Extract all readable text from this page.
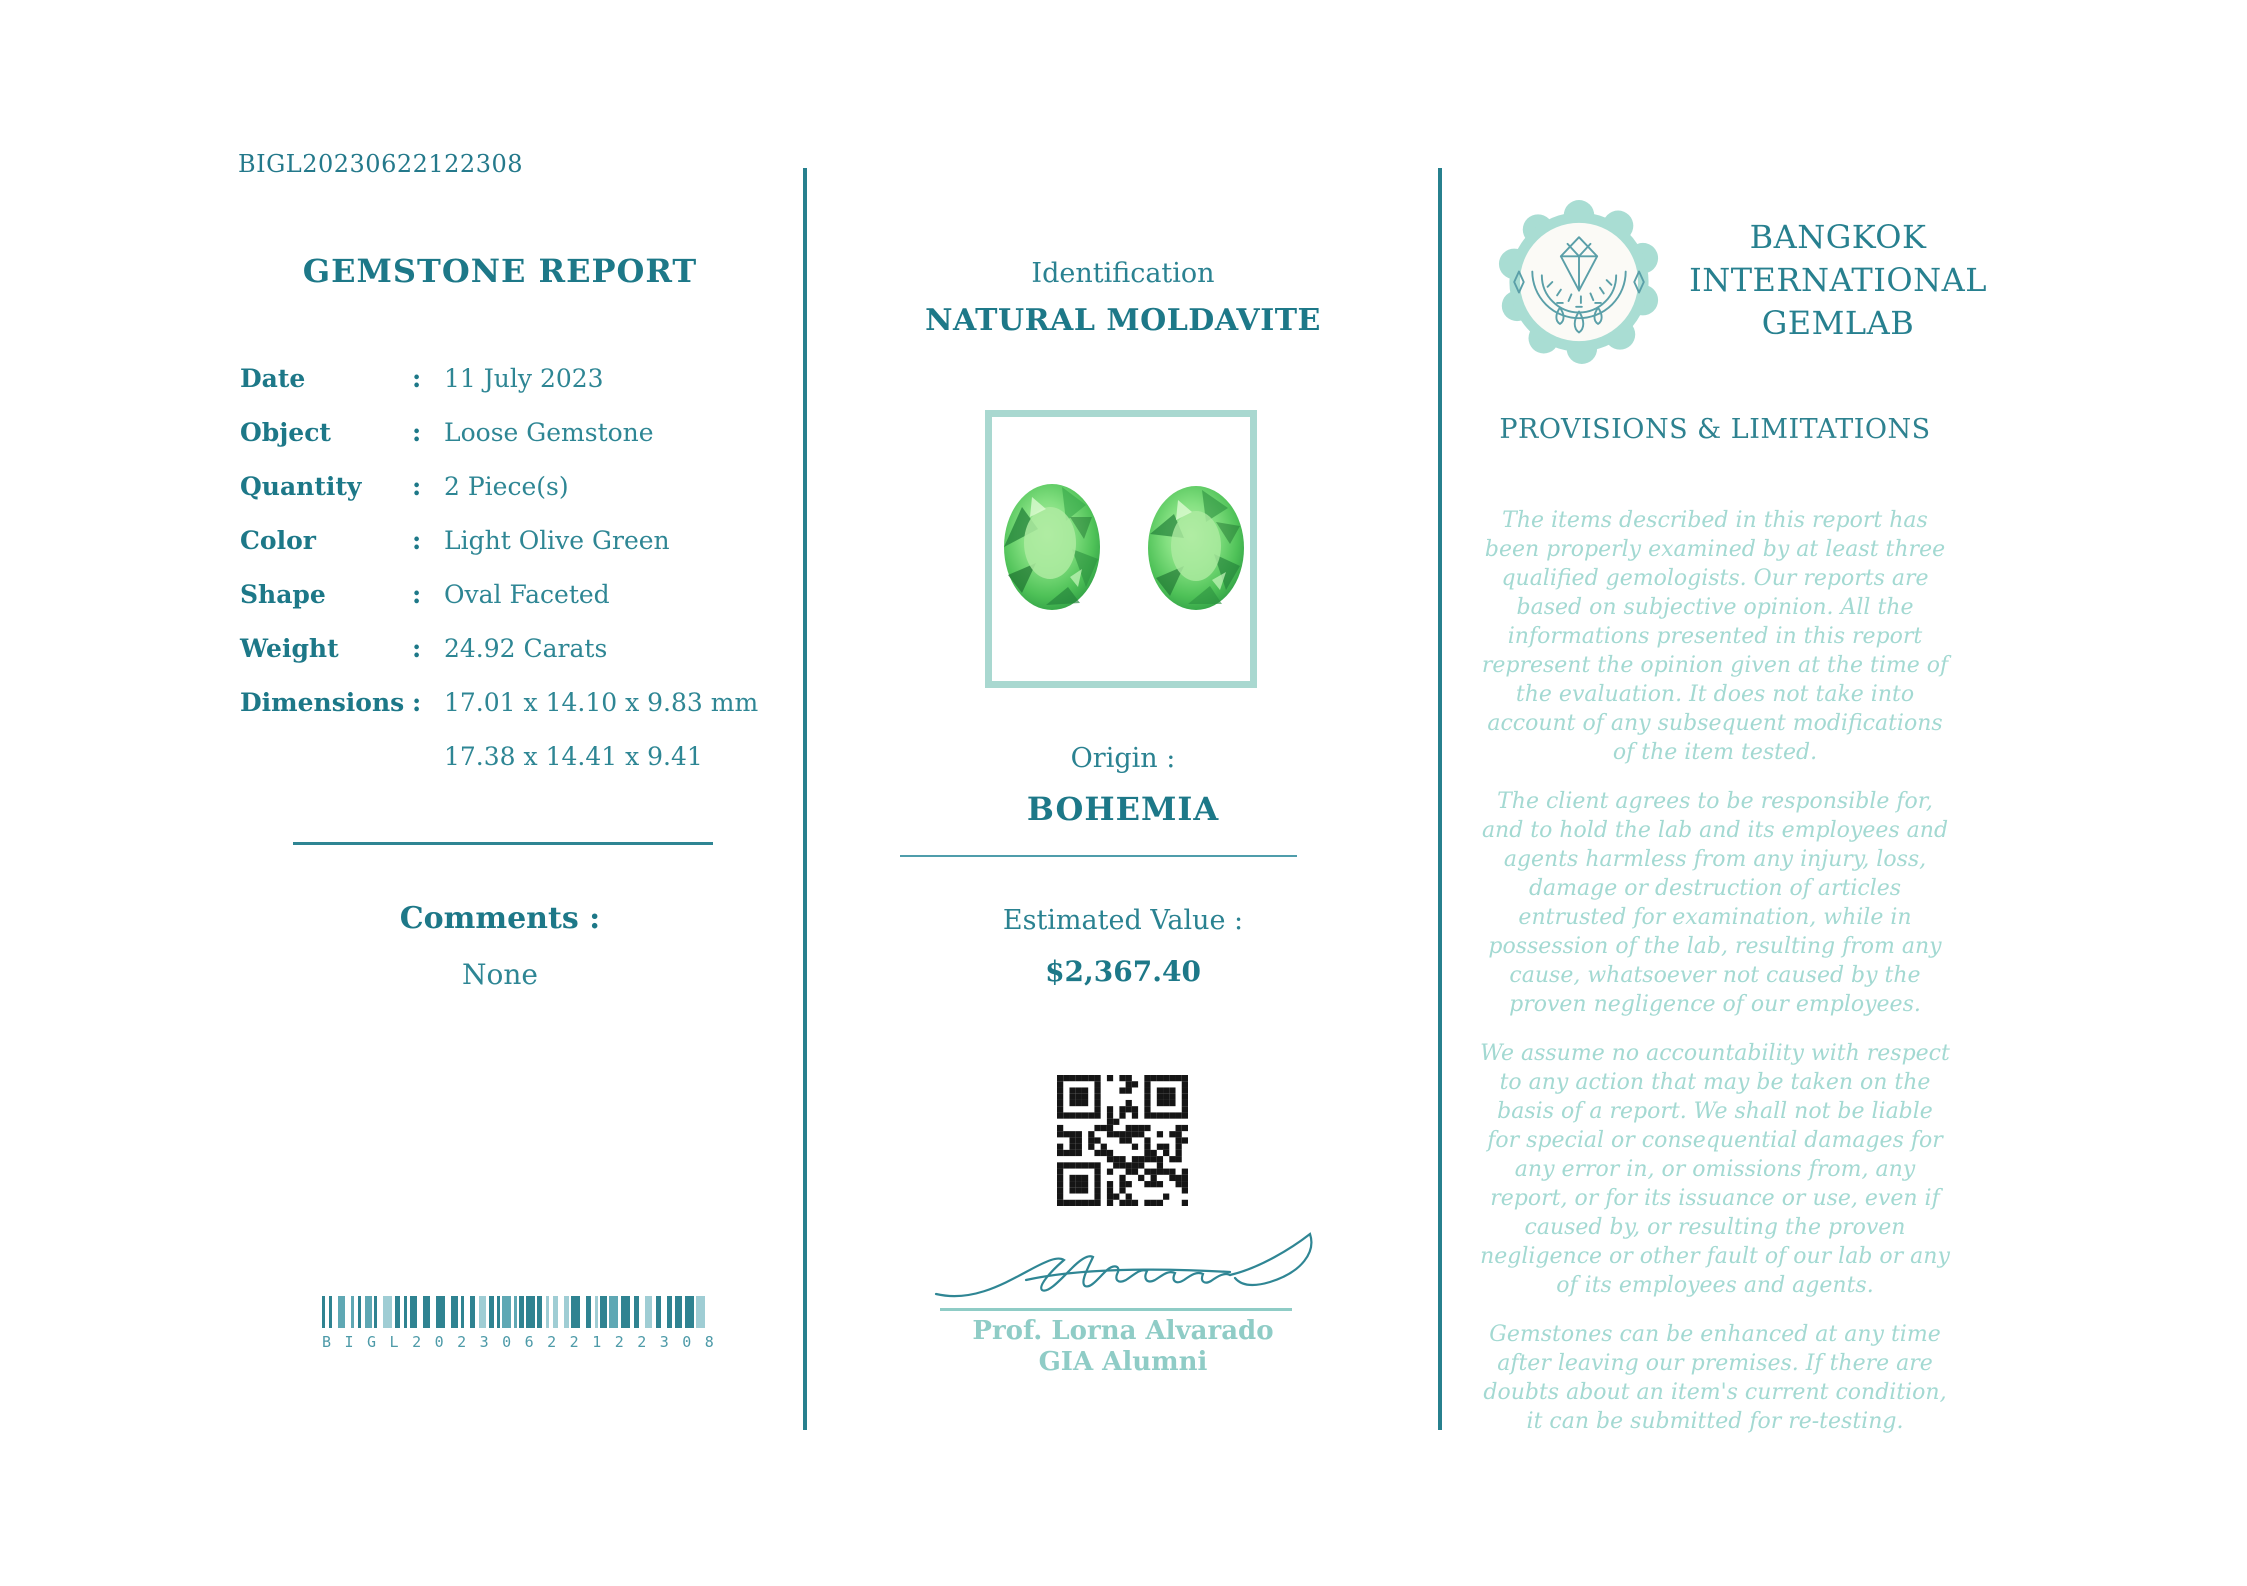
BIGL20230622122308
GEMSTONE REPORT
Date	: 11 July 2023
Object	: Loose Gemstone
Quantity	: 2 Piece(s)
Color	: Light Olive Green
Shape	: Oval Faceted
Weight	: 24.92 Carats
Dimensions : 17.01 x 14.10 x 9.83 mm
17.38 x 14.41 x 9.41
Comments :
None
B I G L 2 0 2 3 0 6 2 2 1 2 2 3 0 8
Identification
NATURAL MOLDAVITE
Origin :
BOHEMIA
Estimated Value :
$2,367.40
Prof. Lorna Alvarado
GIA Alumni
BANGKOK
INTERNATIONAL
GEMLAB
PROVISIONS & LIMITATIONS

The items described in this report has been properly examined by at least three qualified gemologists. Our reports are based on subjective opinion. All the informations presented in this report represent the opinion given at the time of the evaluation. It does not take into account of any subsequent modifications of the item tested.

The client agrees to be responsible for, and to hold the lab and its employees and agents harmless from any injury, loss, damage or destruction of articles entrusted for examination, while in possession of the lab, resulting from any cause, whatsoever not caused by the proven negligence of our employees.

We assume no accountability with respect to any action that may be taken on the basis of a report. We shall not be liable for special or consequential damages for any error in, or omissions from, any report, or for its issuance or use, even if caused by, or resulting the proven negligence or other fault of our lab or any of its employees and agents.

Gemstones can be enhanced at any time after leaving our premises. If there are doubts about an item's current condition, it can be submitted for re-testing.
